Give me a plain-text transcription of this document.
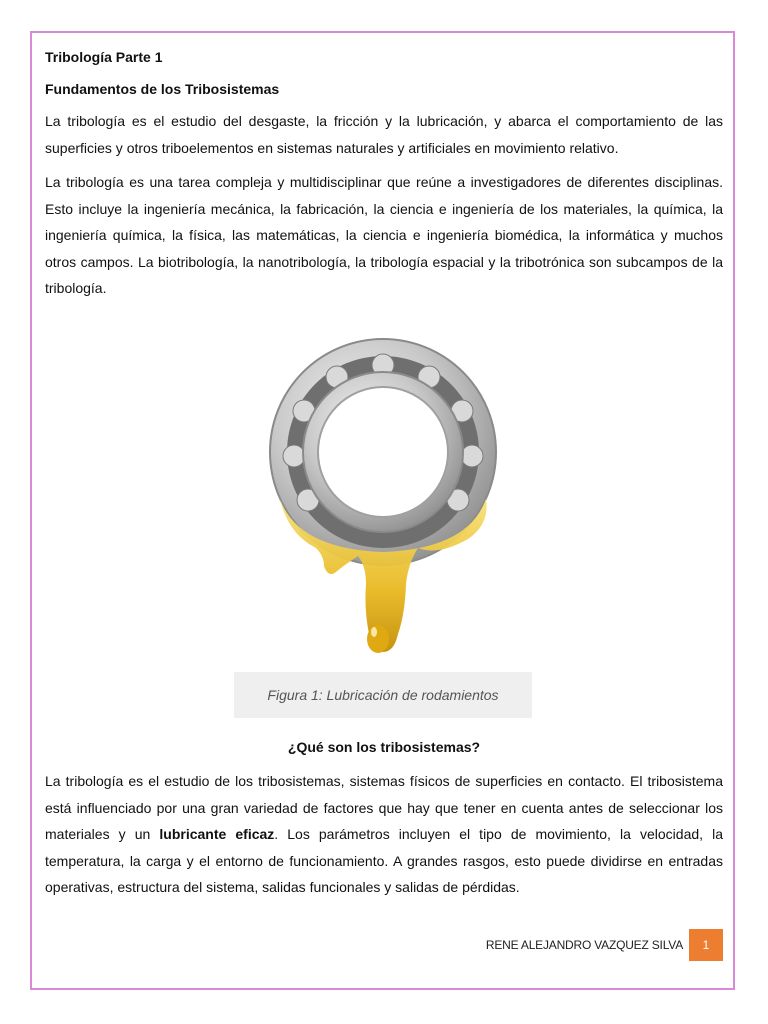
Tribología Parte 1
Fundamentos de los Tribosistemas

La tribología es el estudio del desgaste, la fricción y la lubricación, y abarca el comportamiento de las superficies y otros triboelementos en sistemas naturales y artificiales en movimiento relativo.

La tribología es una tarea compleja y multidisciplinar que reúne a investigadores de diferentes disciplinas. Esto incluye la ingeniería mecánica, la fabricación, la ciencia e ingeniería de los materiales, la química, la ingeniería química, la física, las matemáticas, la ciencia e ingeniería biomédica, la informática y muchos otros campos. La biotribología, la nanotribología, la tribología espacial y la tribotrónica son subcampos de la tribología.

Figura 1: Lubricación de rodamientos
¿Qué son los tribosistemas?

La tribología es el estudio de los tribosistemas, sistemas físicos de superficies en contacto. El tribosistema está influenciado por una gran variedad de factores que hay que tener en cuenta antes de seleccionar los materiales y un lubricante eficaz. Los parámetros incluyen el tipo de movimiento, la velocidad, la temperatura, la carga y el entorno de funcionamiento. A grandes rasgos, esto puede dividirse en entradas operativas, estructura del sistema, salidas funcionales y salidas de pérdidas.

RENE ALEJANDRO VAZQUEZ SILVA	1
